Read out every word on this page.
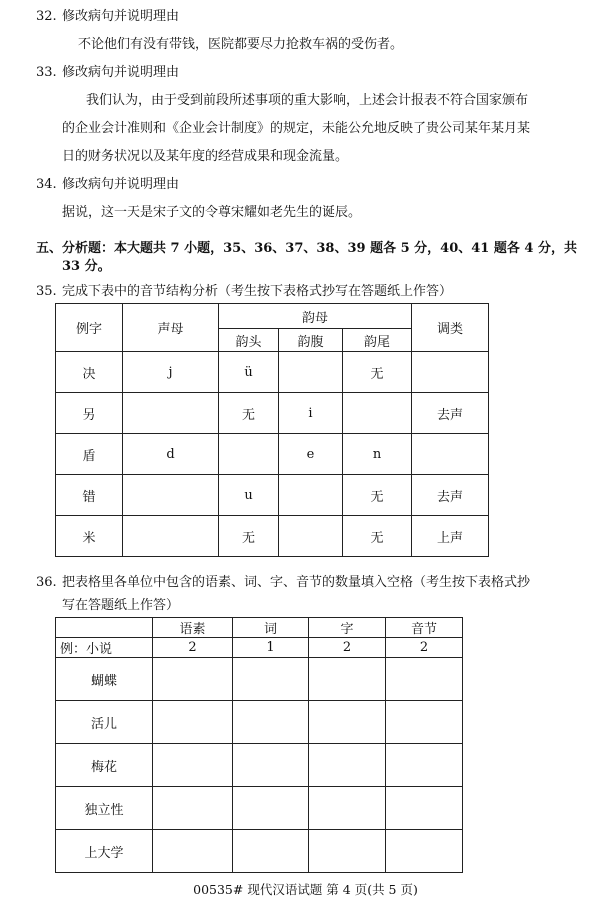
32. 修改病句并说明理由
不论他们有没有带钱，医院都要尽力抢救车祸的受伤者。
33. 修改病句并说明理由
我们认为，由于受到前段所述事项的重大影响，上述会计报表不符合国家颁布
的企业会计准则和《企业会计制度》的规定，未能公允地反映了贵公司某年某月某
日的财务状况以及某年度的经营成果和现金流量。
34. 修改病句并说明理由
据说，这一天是宋子文的令尊宋耀如老先生的诞辰。
五、分析题：本大题共 7 小题，35、36、37、38、39 题各 5 分，40、41 题各 4 分，共
33 分。
35. 完成下表中的音节结构分析（考生按下表格式抄写在答题纸上作答）
例字	声母	韵母			调类
		韵头	韵腹	韵尾	
决	j	ü		无	
另		无	i		去声
盾	d		e	n	
错		u		无	去声
米		无		无	上声
36. 把表格里各单位中包含的语素、词、字、音节的数量填入空格（考生按下表格式抄
写在答题纸上作答）
	语素	词	字	音节
例：小说	2	1	2	2
蝴蝶				
活儿				
梅花				
独立性				
上大学				
00535# 现代汉语试题 第 4 页(共 5 页)
